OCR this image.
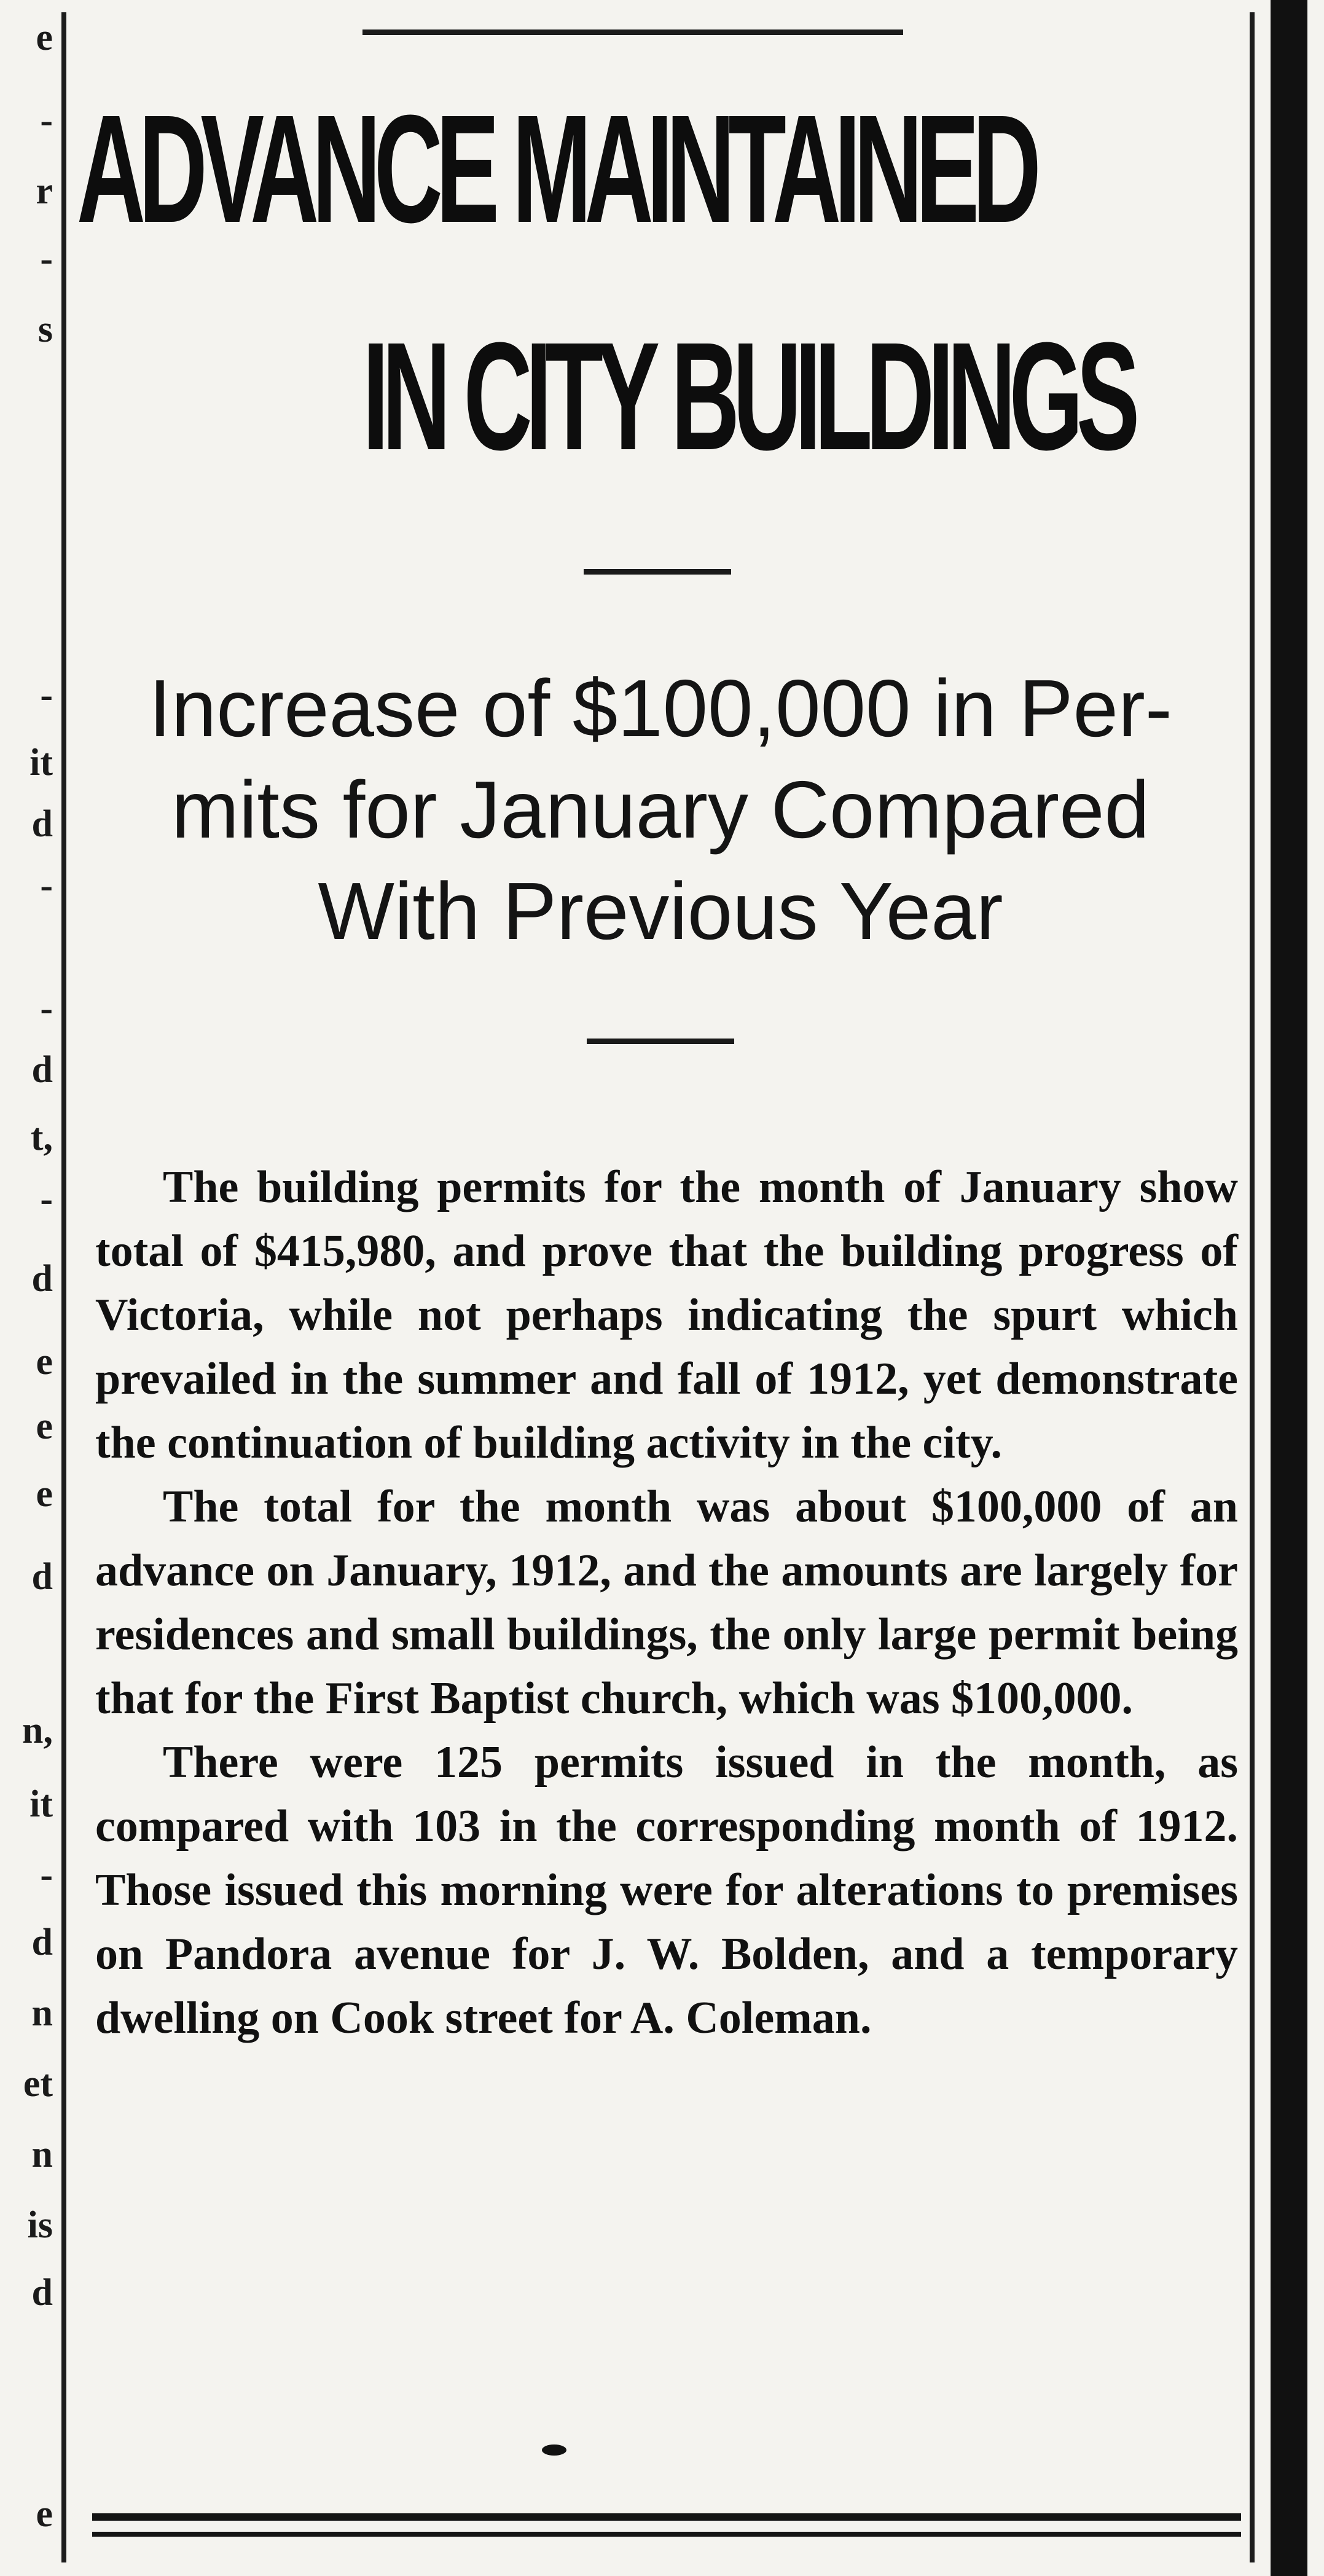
e
-
r
-
s
-
it
d
-
-
d
t,
-
d
e
e
e
d
n,
it
-
d
n
et
n
is
d
e
ADVANCE MAINTAINED
IN CITY BUILDINGS
Increase of $100,000 in Per-
mits for January Compared
With Previous Year

The building permits for the month of January show total of $415,980, and prove that the building progress of Victoria, while not perhaps indicating the spurt which prevailed in the summer and fall of 1912, yet demonstrate the continuation of building activity in the city.

The total for the month was about $100,000 of an advance on January, 1912, and the amounts are largely for residences and small buildings, the only large permit being that for the First Baptist church, which was $100,000.

There were 125 permits issued in the month, as compared with 103 in the corresponding month of 1912. Those issued this morning were for alterations to premises on Pandora avenue for J. W. Bolden, and a temporary dwelling on Cook street for A. Coleman.
